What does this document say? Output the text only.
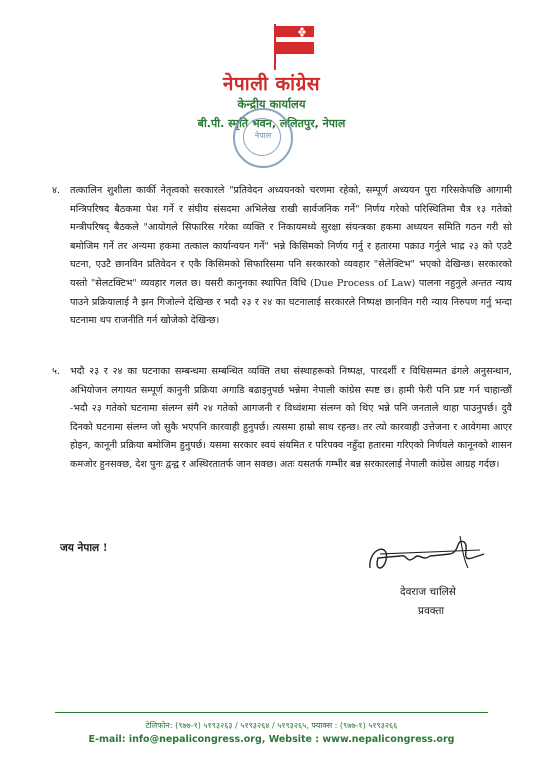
नेपाली कांग्रेस
केन्द्रीय कार्यालय
बी.पी. स्मृति भवन, ललितपुर, नेपाल
नेपाल

४. तत्कालिन शुशीला कार्की नेतृत्वको सरकारले "प्रतिवेदन अध्ययनको चरणमा रहेको, सम्पूर्ण अध्ययन पुरा गरिसकेपछि आगामी मन्त्रिपरिषद बैठकमा पेश गर्ने र संघीय संसदमा अभिलेख राखी सार्वजनिक गर्ने" निर्णय गरेको परिस्थितिमा चैत्र १३ गतेको मन्त्रीपरिषद् बैठकले "आयोगले सिफारिस गरेका व्यक्ति र निकायमध्ये सुरक्षा संयन्त्रका हकमा अध्ययन समिति गठन गरी सो बमोजिम गर्ने तर अन्यमा हकमा तत्काल कार्यान्वयन गर्ने" भन्ने किसिमको निर्णय गर्नु र हतारमा पक्राउ गर्नुले भाद्र २३ को एउटै घटना, एउटै छानविन प्रतिवेदन र एकै किसिमको सिफारिसमा पनि सरकारको व्यवहार "सेलेक्टिभ" भएको देखिन्छ। सरकारको यस्तो "सेलटक्टिभ" व्यवहार गलत छ। यसरी कानुनका स्थापित विधि (Due Process of Law) पालना नहुनुले अन्तत न्याय पाउने प्रक्रियालाई नै झन गिजोल्ने देखिन्छ र भदौ २३ र २४ का घटनालाई सरकारले निष्पक्ष छानविन गरी न्याय निरुपण गर्नु भन्दा घटनामा थप राजनीति गर्न खोजेको देखिन्छ।

५. भदौ २३ र २४ का घटनाका सम्बन्धमा सम्बन्धित व्यक्ति तथा संस्थाहरूको निष्पक्ष, पारदर्शी र विधिसम्मत ढंगले अनुसन्धान, अभियोजन लगायत सम्पूर्ण कानुनी प्रक्रिया अगाडि बढाइनुपर्छ भन्नेमा नेपाली कांग्रेस स्पष्ट छ। हामी फेरी पनि प्रष्ट गर्न चाहान्छौं -भदौ २३ गतेको घटनामा संलग्न संगै २४ गतेको आगजनी र विध्वंशमा संलग्न को थिए भन्ने पनि जनताले थाहा पाउनुपर्छ। दुवै दिनको घटनामा संलग्न जो सुकै भएपनि कारवाही हुनुपर्छ। त्यसमा हाम्रो साथ रहन्छ। तर त्यो कारवाही उत्तेजना र आवेगमा आएर होइन, कानूनी प्रक्रिया बमोजिम हुनुपर्छ। यसमा सरकार स्वयं संयमित र परिपक्व नहुँदा हतारमा गरिएको निर्णयले कानूनको शासन कमजोर हुनसक्छ, देश पुनः द्वन्द्व र अस्थिरतातर्फ जान सक्छ। अतः यसतर्फ गम्भीर बन्न सरकारलाई नेपाली कांग्रेस आग्रह गर्दछ।

जय नेपाल !
देवराज चालिसे
प्रवक्ता
टेलिफोन: (९७७-१) ५१९३२६३ / ५१९३२६४ / ५१९३२६५, फ्याक्स : (९७७-१) ५१९३२६६
E-mail: info@nepalicongress.org, Website : www.nepalicongress.org
